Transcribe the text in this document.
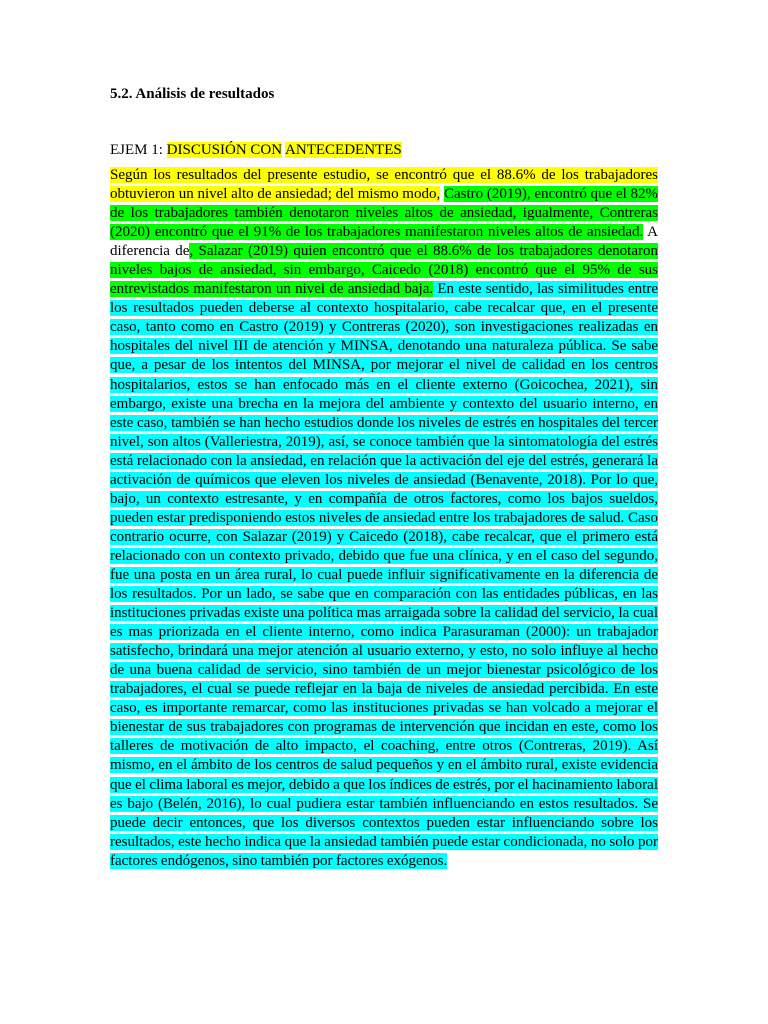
5.2. Análisis de resultados
EJEM 1: DISCUSIÓN CON ANTECEDENTES
Según los resultados del presente estudio, se encontró que el 88.6% de los trabajadores obtuvieron un nivel alto de ansiedad; del mismo modo, Castro (2019), encontró que el 82% de los trabajadores también denotaron niveles altos de ansiedad, igualmente, Contreras (2020) encontró que el 91% de los trabajadores manifestaron niveles altos de ansiedad. A diferencia de, Salazar (2019) quien encontró que el 88.6% de los trabajadores denotaron niveles bajos de ansiedad, sin embargo, Caicedo (2018) encontró que el 95% de sus entrevistados manifestaron un nivel de ansiedad baja. En este sentido, las similitudes entre los resultados pueden deberse al contexto hospitalario, cabe recalcar que, en el presente caso, tanto como en Castro (2019) y Contreras (2020), son investigaciones realizadas en hospitales del nivel III de atención y MINSA, denotando una naturaleza pública. Se sabe que, a pesar de los intentos del MINSA, por mejorar el nivel de calidad en los centros hospitalarios, estos se han enfocado más en el cliente externo (Goicochea, 2021), sin embargo, existe una brecha en la mejora del ambiente y contexto del usuario interno, en este caso, también se han hecho estudios donde los niveles de estrés en hospitales del tercer nivel, son altos (Valleriestra, 2019), así, se conoce también que la sintomatología del estrés está relacionado con la ansiedad, en relación que la activación del eje del estrés, generará la activación de químicos que eleven los niveles de ansiedad (Benavente, 2018). Por lo que, bajo, un contexto estresante, y en compañía de otros factores, como los bajos sueldos, pueden estar predisponiendo estos niveles de ansiedad entre los trabajadores de salud. Caso contrario ocurre, con Salazar (2019) y Caicedo (2018), cabe recalcar, que el primero está relacionado con un contexto privado, debido que fue una clínica, y en el caso del segundo, fue una posta en un área rural, lo cual puede influir significativamente en la diferencia de los resultados. Por un lado, se sabe que en comparación con las entidades públicas, en las instituciones privadas existe una política mas arraigada sobre la calidad del servicio, la cual es mas priorizada en el cliente interno, como indica Parasuraman (2000): un trabajador satisfecho, brindará una mejor atención al usuario externo, y esto, no solo influye al hecho de una buena calidad de servicio, sino también de un mejor bienestar psicológico de los trabajadores, el cual se puede reflejar en la baja de niveles de ansiedad percibida. En este caso, es importante remarcar, como las instituciones privadas se han volcado a mejorar el bienestar de sus trabajadores con programas de intervención que incidan en este, como los talleres de motivación de alto impacto, el coaching, entre otros (Contreras, 2019). Así mismo, en el ámbito de los centros de salud pequeños y en el ámbito rural, existe evidencia que el clima laboral es mejor, debido a que los índices de estrés, por el hacinamiento laboral es bajo (Belén, 2016), lo cual pudiera estar también influenciando en estos resultados. Se puede decir entonces, que los diversos contextos pueden estar influenciando sobre los resultados, este hecho indica que la ansiedad también puede estar condicionada, no solo por factores endógenos, sino también por factores exógenos.
